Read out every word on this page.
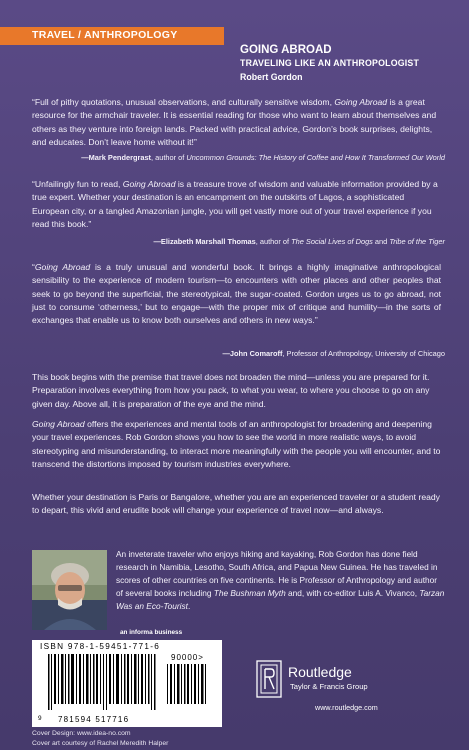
TRAVEL / ANTHROPOLOGY
GOING ABROAD
TRAVELING LIKE AN ANTHROPOLOGIST
Robert Gordon
“Full of pithy quotations, unusual observations, and culturally sensitive wisdom, Going Abroad is a great resource for the armchair traveler. It is essential reading for those who want to learn about themselves and others as they venture into foreign lands. Packed with practical advice, Gordon’s book surprises, delights, and educates. Don’t leave home without it!”
—Mark Pendergrast, author of Uncommon Grounds: The History of Coffee and How It Transformed Our World
“Unfailingly fun to read, Going Abroad is a treasure trove of wisdom and valuable information provided by a true expert. Whether your destination is an encampment on the outskirts of Lagos, a sophisticated European city, or a tangled Amazonian jungle, you will get vastly more out of your travel experience if you read this book.”
—Elizabeth Marshall Thomas, author of The Social Lives of Dogs and Tribe of the Tiger
“Going Abroad is a truly unusual and wonderful book. It brings a highly imaginative anthropological sensibility to the experience of modern tourism—to encounters with other places and other peoples that seek to go beyond the superficial, the stereotypical, the sugar-coated. Gordon urges us to go abroad, not just to consume ‘otherness,’ but to engage—with the proper mix of critique and humility—in the sorts of exchanges that enable us to know both ourselves and others in new ways.”
—John Comaroff, Professor of Anthropology, University of Chicago
This book begins with the premise that travel does not broaden the mind—unless you are prepared for it. Preparation involves everything from how you pack, to what you wear, to where you choose to go on any given day. Above all, it is preparation of the eye and the mind.
Going Abroad offers the experiences and mental tools of an anthropologist for broadening and deepening your travel experiences. Rob Gordon shows you how to see the world in more realistic ways, to avoid stereotyping and misunderstanding, to interact more meaningfully with the people you will encounter, and to transcend the distortions imposed by tourism industries everywhere.
Whether your destination is Paris or Bangalore, whether you are an experienced traveler or a student ready to depart, this vivid and erudite book will change your experience of travel now—and always.
An inveterate traveler who enjoys hiking and kayaking, Rob Gordon has done field research in Namibia, Lesotho, South Africa, and Papua New Guinea. He has traveled in scores of other countries on five continents. He is Professor of Anthropology and author of several books including The Bushman Myth and, with co-editor Luis A. Vivanco, Tarzan Was an Eco-Tourist.
an informa business
ISBN 978-1-59451-771-6
90000>
9 781594 517716
Cover Design: www.idea-no.com
Cover art courtesy of Rachel Meredith Halper
Routledge
Taylor & Francis Group
www.routledge.com
